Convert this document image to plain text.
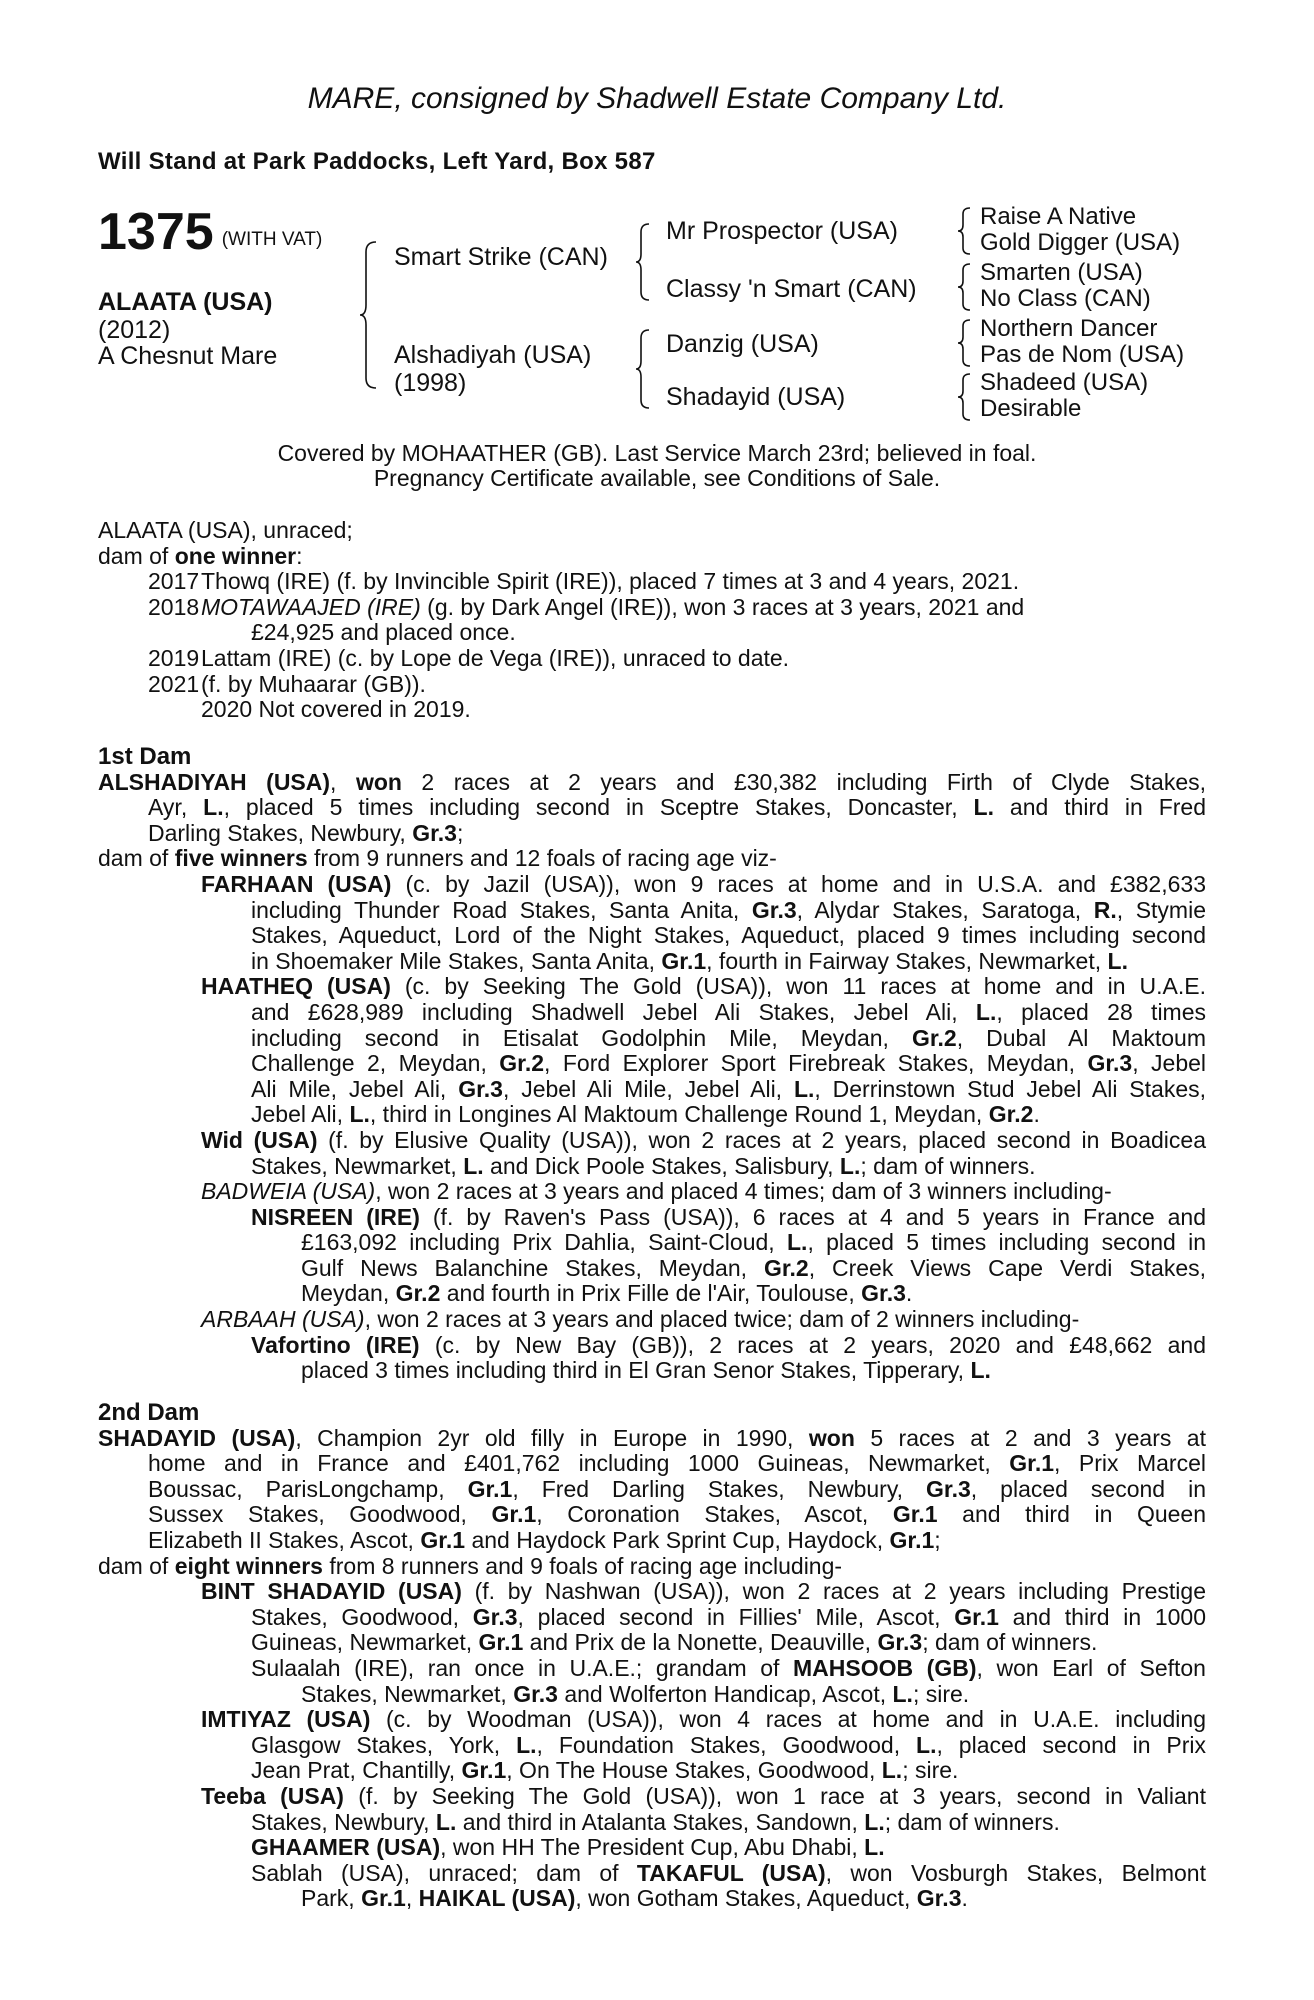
MARE, consigned by Shadwell Estate Company Ltd.
Will Stand at Park Paddocks, Left Yard, Box 587
1375 (WITH VAT)
ALAATA (USA)
(2012)
A Chesnut Mare
Smart Strike (CAN)
Alshadiyah (USA)
(1998)
Mr Prospector (USA)
Classy 'n Smart (CAN)
Danzig (USA)
Shadayid (USA)
Raise A Native
Gold Digger (USA)
Smarten (USA)
No Class (CAN)
Northern Dancer
Pas de Nom (USA)
Shadeed (USA)
Desirable
Covered by MOHAATHER (GB). Last Service March 23rd; believed in foal.
Pregnancy Certificate available, see Conditions of Sale.
ALAATA (USA), unraced;
dam of one winner:
2017Thowq (IRE) (f. by Invincible Spirit (IRE)), placed 7 times at 3 and 4 years, 2021.
2018MOTAWAAJED (IRE) (g. by Dark Angel (IRE)), won 3 races at 3 years, 2021 and
£24,925 and placed once.
2019Lattam (IRE) (c. by Lope de Vega (IRE)), unraced to date.
2021(f. by Muhaarar (GB)).
2020 Not covered in 2019.
1st Dam
ALSHADIYAH (USA), won 2 races at 2 years and £30,382 including Firth of Clyde Stakes,
Ayr, L., placed 5 times including second in Sceptre Stakes, Doncaster, L. and third in Fred
Darling Stakes, Newbury, Gr.3;
dam of five winners from 9 runners and 12 foals of racing age viz-
FARHAAN (USA) (c. by Jazil (USA)), won 9 races at home and in U.S.A. and £382,633
including Thunder Road Stakes, Santa Anita, Gr.3, Alydar Stakes, Saratoga, R., Stymie
Stakes, Aqueduct, Lord of the Night Stakes, Aqueduct, placed 9 times including second
in Shoemaker Mile Stakes, Santa Anita, Gr.1, fourth in Fairway Stakes, Newmarket, L.
HAATHEQ (USA) (c. by Seeking The Gold (USA)), won 11 races at home and in U.A.E.
and £628,989 including Shadwell Jebel Ali Stakes, Jebel Ali, L., placed 28 times
including second in Etisalat Godolphin Mile, Meydan, Gr.2, Dubal Al Maktoum
Challenge 2, Meydan, Gr.2, Ford Explorer Sport Firebreak Stakes, Meydan, Gr.3, Jebel
Ali Mile, Jebel Ali, Gr.3, Jebel Ali Mile, Jebel Ali, L., Derrinstown Stud Jebel Ali Stakes,
Jebel Ali, L., third in Longines Al Maktoum Challenge Round 1, Meydan, Gr.2.
Wid (USA) (f. by Elusive Quality (USA)), won 2 races at 2 years, placed second in Boadicea
Stakes, Newmarket, L. and Dick Poole Stakes, Salisbury, L.; dam of winners.
BADWEIA (USA), won 2 races at 3 years and placed 4 times; dam of 3 winners including-
NISREEN (IRE) (f. by Raven's Pass (USA)), 6 races at 4 and 5 years in France and
£163,092 including Prix Dahlia, Saint-Cloud, L., placed 5 times including second in
Gulf News Balanchine Stakes, Meydan, Gr.2, Creek Views Cape Verdi Stakes,
Meydan, Gr.2 and fourth in Prix Fille de l'Air, Toulouse, Gr.3.
ARBAAH (USA), won 2 races at 3 years and placed twice; dam of 2 winners including-
Vafortino (IRE) (c. by New Bay (GB)), 2 races at 2 years, 2020 and £48,662 and
placed 3 times including third in El Gran Senor Stakes, Tipperary, L.
2nd Dam
SHADAYID (USA), Champion 2yr old filly in Europe in 1990, won 5 races at 2 and 3 years at
home and in France and £401,762 including 1000 Guineas, Newmarket, Gr.1, Prix Marcel
Boussac, ParisLongchamp, Gr.1, Fred Darling Stakes, Newbury, Gr.3, placed second in
Sussex Stakes, Goodwood, Gr.1, Coronation Stakes, Ascot, Gr.1 and third in Queen
Elizabeth II Stakes, Ascot, Gr.1 and Haydock Park Sprint Cup, Haydock, Gr.1;
dam of eight winners from 8 runners and 9 foals of racing age including-
BINT SHADAYID (USA) (f. by Nashwan (USA)), won 2 races at 2 years including Prestige
Stakes, Goodwood, Gr.3, placed second in Fillies' Mile, Ascot, Gr.1 and third in 1000
Guineas, Newmarket, Gr.1 and Prix de la Nonette, Deauville, Gr.3; dam of winners.
Sulaalah (IRE), ran once in U.A.E.; grandam of MAHSOOB (GB), won Earl of Sefton
Stakes, Newmarket, Gr.3 and Wolferton Handicap, Ascot, L.; sire.
IMTIYAZ (USA) (c. by Woodman (USA)), won 4 races at home and in U.A.E. including
Glasgow Stakes, York, L., Foundation Stakes, Goodwood, L., placed second in Prix
Jean Prat, Chantilly, Gr.1, On The House Stakes, Goodwood, L.; sire.
Teeba (USA) (f. by Seeking The Gold (USA)), won 1 race at 3 years, second in Valiant
Stakes, Newbury, L. and third in Atalanta Stakes, Sandown, L.; dam of winners.
GHAAMER (USA), won HH The President Cup, Abu Dhabi, L.
Sablah (USA), unraced; dam of TAKAFUL (USA), won Vosburgh Stakes, Belmont
Park, Gr.1, HAIKAL (USA), won Gotham Stakes, Aqueduct, Gr.3.
